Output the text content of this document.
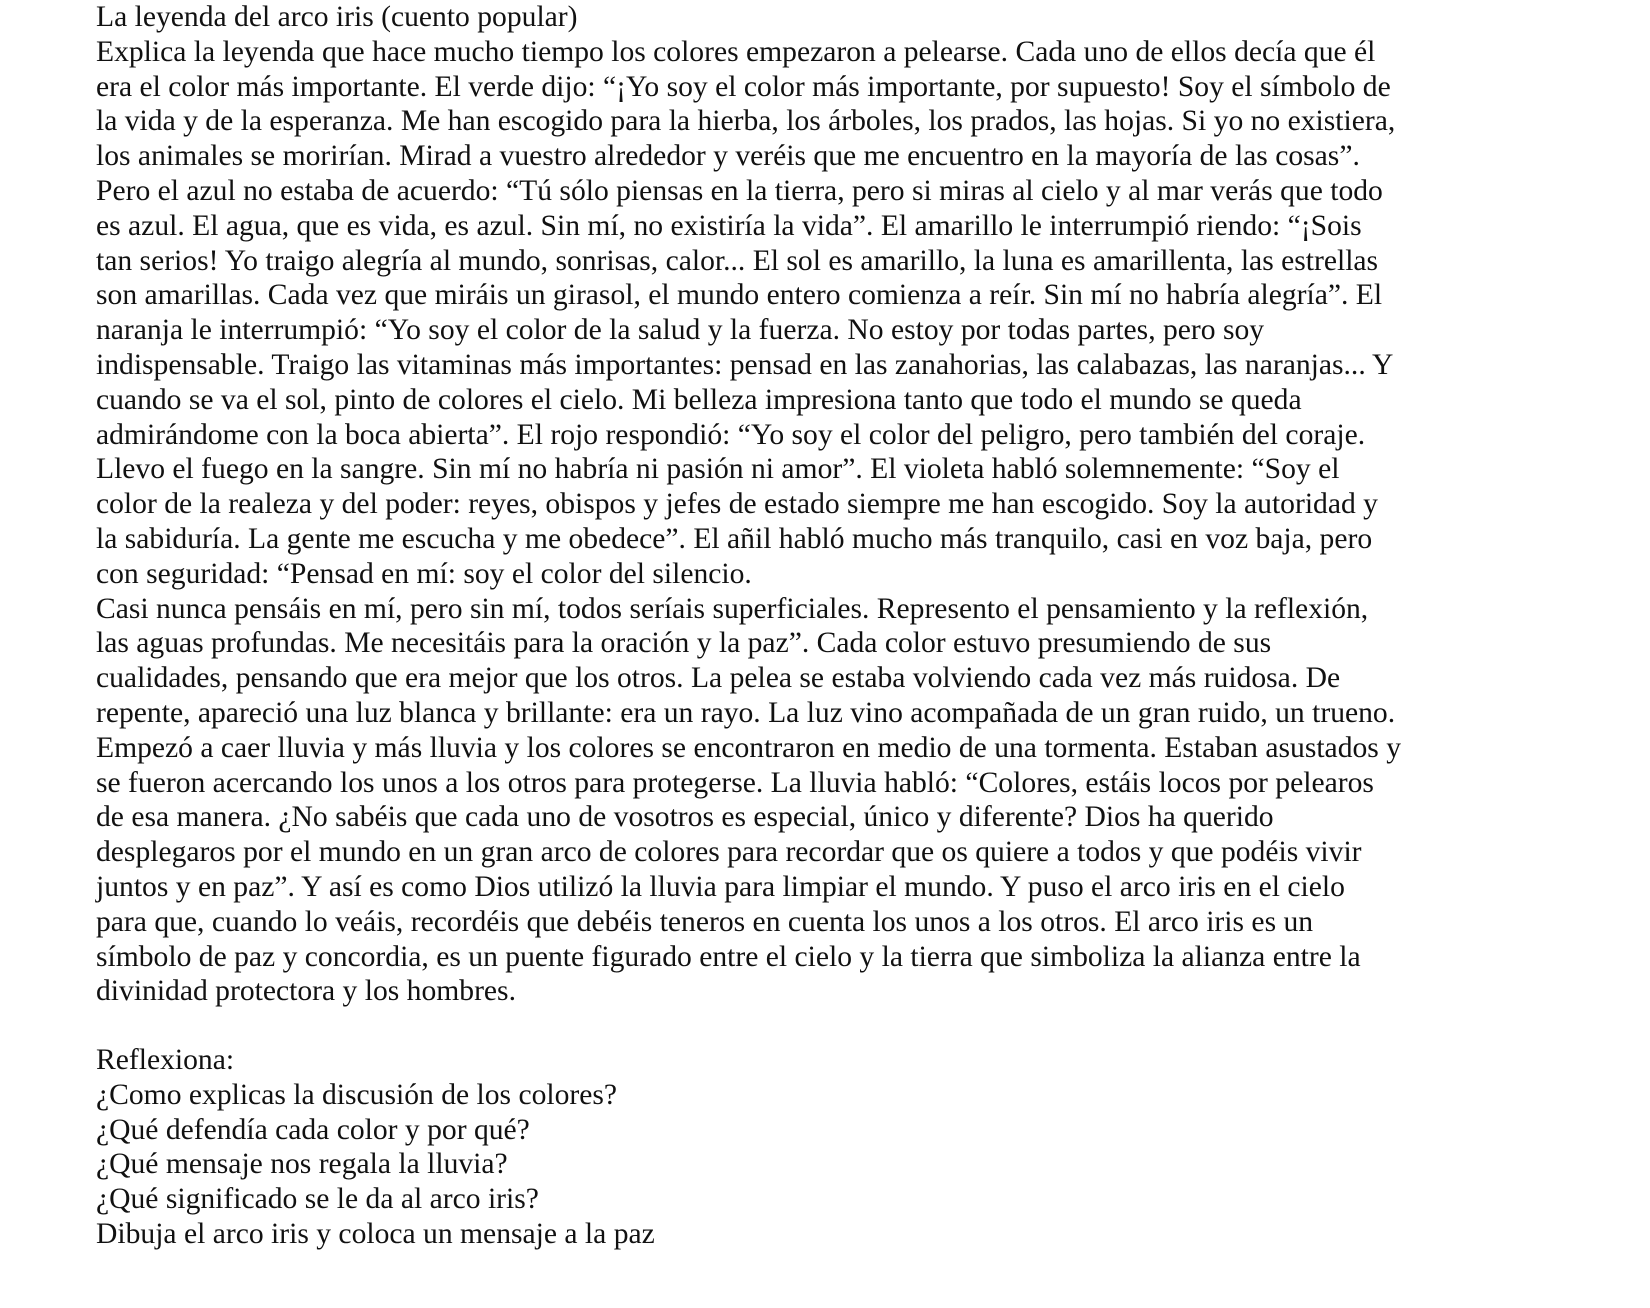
La leyenda del arco iris (cuento popular)
Explica la leyenda que hace mucho tiempo los colores empezaron a pelearse. Cada uno de ellos decía que él
era el color más importante. El verde dijo: “¡Yo soy el color más importante, por supuesto! Soy el símbolo de
la vida y de la esperanza. Me han escogido para la hierba, los árboles, los prados, las hojas. Si yo no existiera,
los animales se morirían. Mirad a vuestro alrededor y veréis que me encuentro en la mayoría de las cosas”.
Pero el azul no estaba de acuerdo: “Tú sólo piensas en la tierra, pero si miras al cielo y al mar verás que todo
es azul. El agua, que es vida, es azul. Sin mí, no existiría la vida”. El amarillo le interrumpió riendo: “¡Sois
tan serios! Yo traigo alegría al mundo, sonrisas, calor... El sol es amarillo, la luna es amarillenta, las estrellas
son amarillas. Cada vez que miráis un girasol, el mundo entero comienza a reír. Sin mí no habría alegría”. El
naranja le interrumpió: “Yo soy el color de la salud y la fuerza. No estoy por todas partes, pero soy
indispensable. Traigo las vitaminas más importantes: pensad en las zanahorias, las calabazas, las naranjas... Y
cuando se va el sol, pinto de colores el cielo. Mi belleza impresiona tanto que todo el mundo se queda
admirándome con la boca abierta”. El rojo respondió: “Yo soy el color del peligro, pero también del coraje.
Llevo el fuego en la sangre. Sin mí no habría ni pasión ni amor”. El violeta habló solemnemente: “Soy el
color de la realeza y del poder: reyes, obispos y jefes de estado siempre me han escogido. Soy la autoridad y
la sabiduría. La gente me escucha y me obedece”. El añil habló mucho más tranquilo, casi en voz baja, pero
con seguridad: “Pensad en mí: soy el color del silencio.
Casi nunca pensáis en mí, pero sin mí, todos seríais superficiales. Represento el pensamiento y la reflexión,
las aguas profundas. Me necesitáis para la oración y la paz”. Cada color estuvo presumiendo de sus
cualidades, pensando que era mejor que los otros. La pelea se estaba volviendo cada vez más ruidosa. De
repente, apareció una luz blanca y brillante: era un rayo. La luz vino acompañada de un gran ruido, un trueno.
Empezó a caer lluvia y más lluvia y los colores se encontraron en medio de una tormenta. Estaban asustados y
se fueron acercando los unos a los otros para protegerse. La lluvia habló: “Colores, estáis locos por pelearos
de esa manera. ¿No sabéis que cada uno de vosotros es especial, único y diferente? Dios ha querido
desplegaros por el mundo en un gran arco de colores para recordar que os quiere a todos y que podéis vivir
juntos y en paz”. Y así es como Dios utilizó la lluvia para limpiar el mundo. Y puso el arco iris en el cielo
para que, cuando lo veáis, recordéis que debéis teneros en cuenta los unos a los otros. El arco iris es un
símbolo de paz y concordia, es un puente figurado entre el cielo y la tierra que simboliza la alianza entre la
divinidad protectora y los hombres.
Reflexiona:
¿Como explicas la discusión de los colores?
¿Qué defendía cada color y por qué?
¿Qué mensaje nos regala la lluvia?
¿Qué significado se le da al arco iris?
Dibuja el arco iris y coloca un mensaje a la paz
